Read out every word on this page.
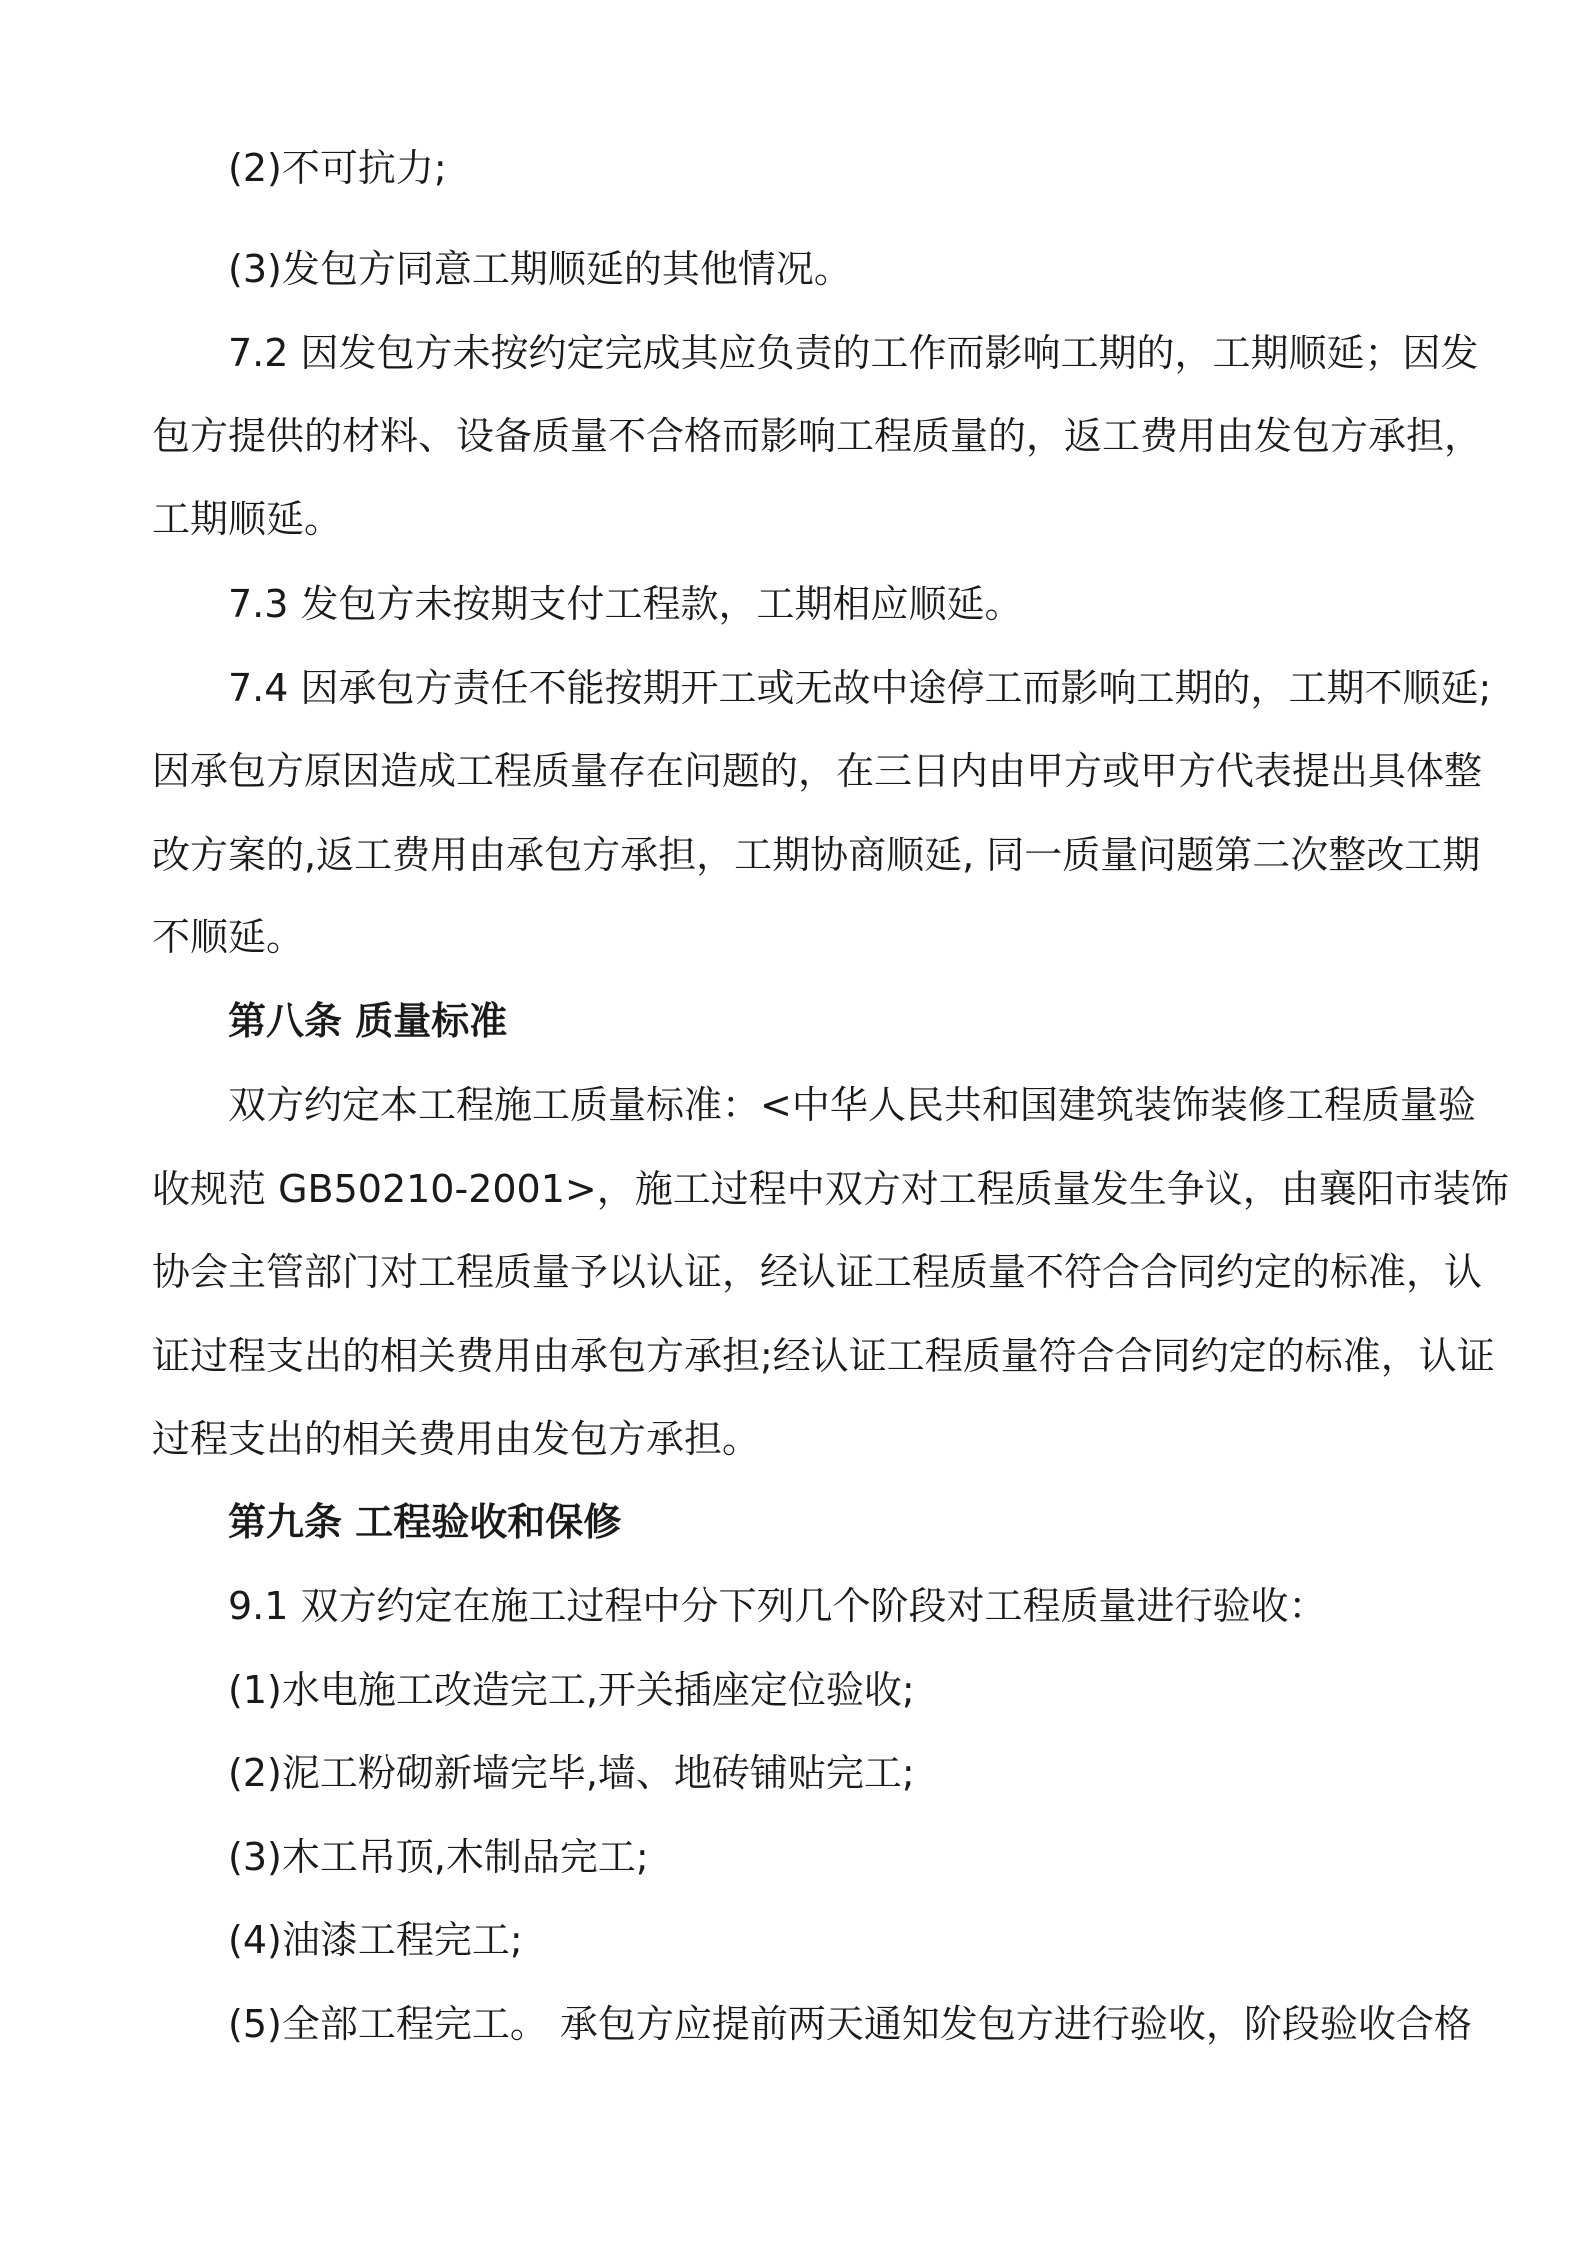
(2)不可抗力;
(3)发包方同意工期顺延的其他情况。
7.2 因发包方未按约定完成其应负责的工作而影响工期的，工期顺延；因发
包方提供的材料、设备质量不合格而影响工程质量的，返工费用由发包方承担，
工期顺延。
7.3 发包方未按期支付工程款，工期相应顺延。
7.4 因承包方责任不能按期开工或无故中途停工而影响工期的，工期不顺延;
因承包方原因造成工程质量存在问题的，在三日内由甲方或甲方代表提出具体整
改方案的,返工费用由承包方承担，工期协商顺延, 同一质量问题第二次整改工期
不顺延。
第八条 质量标准
双方约定本工程施工质量标准：<中华人民共和国建筑装饰装修工程质量验
收规范 GB50210-2001>，施工过程中双方对工程质量发生争议，由襄阳市装饰
协会主管部门对工程质量予以认证，经认证工程质量不符合合同约定的标准，认
证过程支出的相关费用由承包方承担;经认证工程质量符合合同约定的标准，认证
过程支出的相关费用由发包方承担。
第九条 工程验收和保修
9.1 双方约定在施工过程中分下列几个阶段对工程质量进行验收：
(1)水电施工改造完工,开关插座定位验收;
(2)泥工粉砌新墙完毕,墙、地砖铺贴完工;
(3)木工吊顶,木制品完工;
(4)油漆工程完工;
(5)全部工程完工。 承包方应提前两天通知发包方进行验收，阶段验收合格
